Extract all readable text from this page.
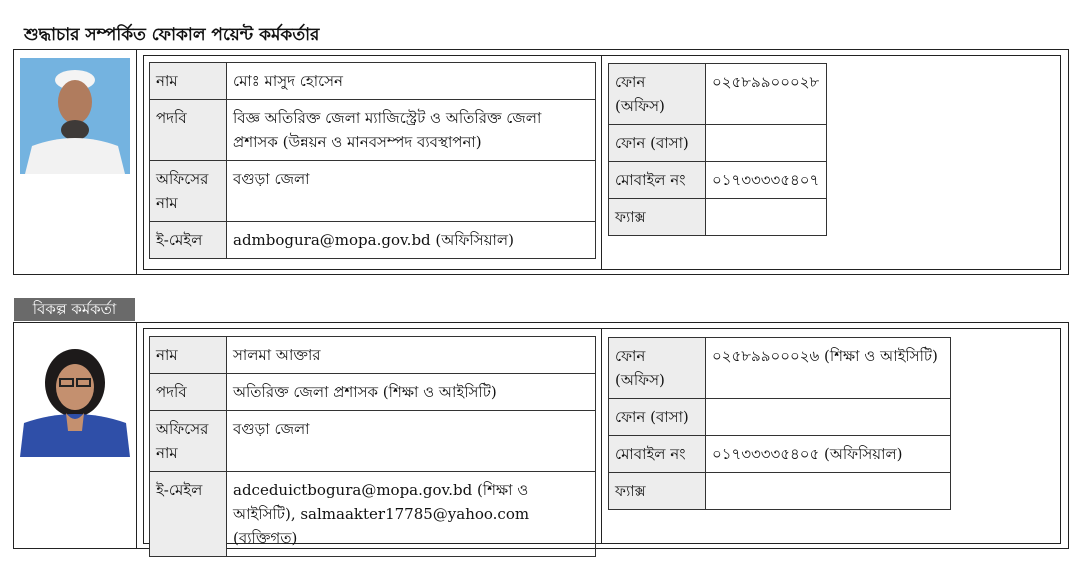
শুদ্ধাচার সম্পর্কিত ফোকাল পয়েন্ট কর্মকর্তার
নাম	মোঃ মাসুদ হোসেন
পদবি	বিজ্ঞ অতিরিক্ত জেলা ম্যাজিস্ট্রেট ও অতিরিক্ত জেলা প্রশাসক (উন্নয়ন ও মানবসম্পদ ব্যবস্থাপনা)
অফিসের নাম	বগুড়া জেলা
ই-মেইল	admbogura@mopa.gov.bd (অফিসিয়াল)
ফোন (অফিস)	০২৫৮৯৯০০০২৮
ফোন (বাসা)	
মোবাইল নং	০১৭৩৩৩৩৫৪০৭
ফ্যাক্স	
বিকল্প কর্মকর্তা
নাম	সালমা আক্তার
পদবি	অতিরিক্ত জেলা প্রশাসক (শিক্ষা ও আইসিটি)
অফিসের নাম	বগুড়া জেলা
ই-মেইল	adceduictbogura@mopa.gov.bd (শিক্ষা ও আইসিটি), salmaakter17785@yahoo.com (ব্যক্তিগত)
ফোন (অফিস)	০২৫৮৯৯০০০২৬ (শিক্ষা ও আইসিটি)
ফোন (বাসা)	
মোবাইল নং	০১৭৩৩৩৩৫৪০৫ (অফিসিয়াল)
ফ্যাক্স	
